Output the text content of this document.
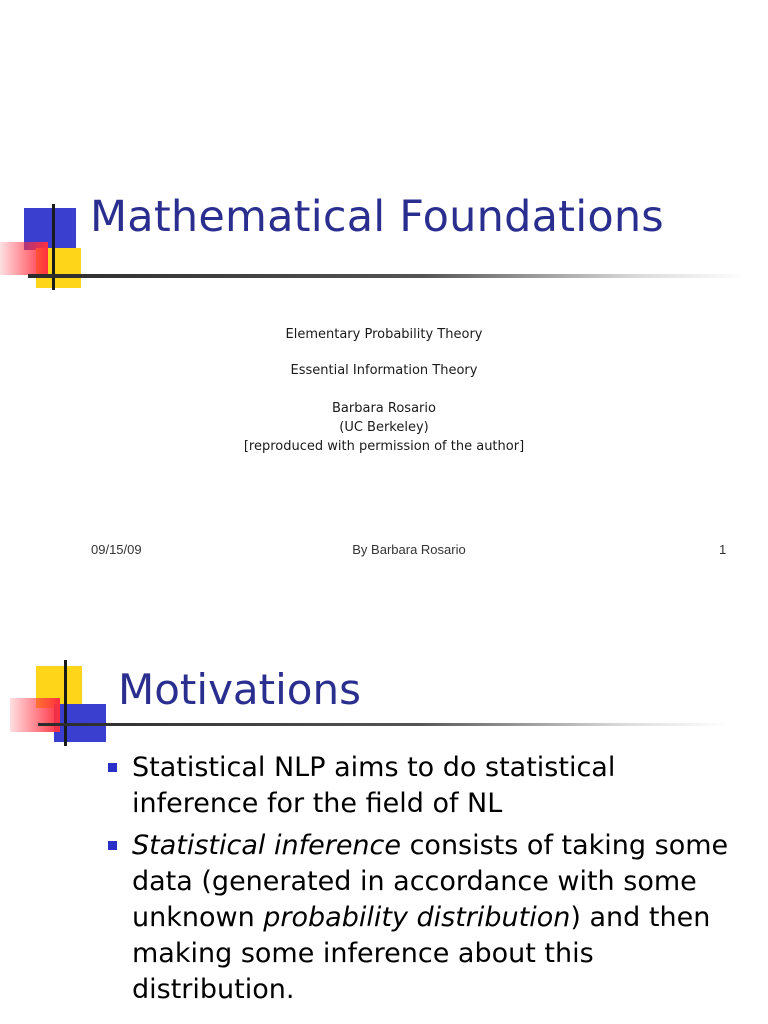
Mathematical Foundations
Elementary Probability Theory
Essential Information Theory
Barbara Rosario
(UC Berkeley)
[reproduced with permission of the author]
09/15/09	By Barbara Rosario	1
Motivations
Statistical NLP aims to do statistical inference for the field of NL
Statistical inference consists of taking some data (generated in accordance with some unknown probability distribution) and then making some inference about this distribution.
